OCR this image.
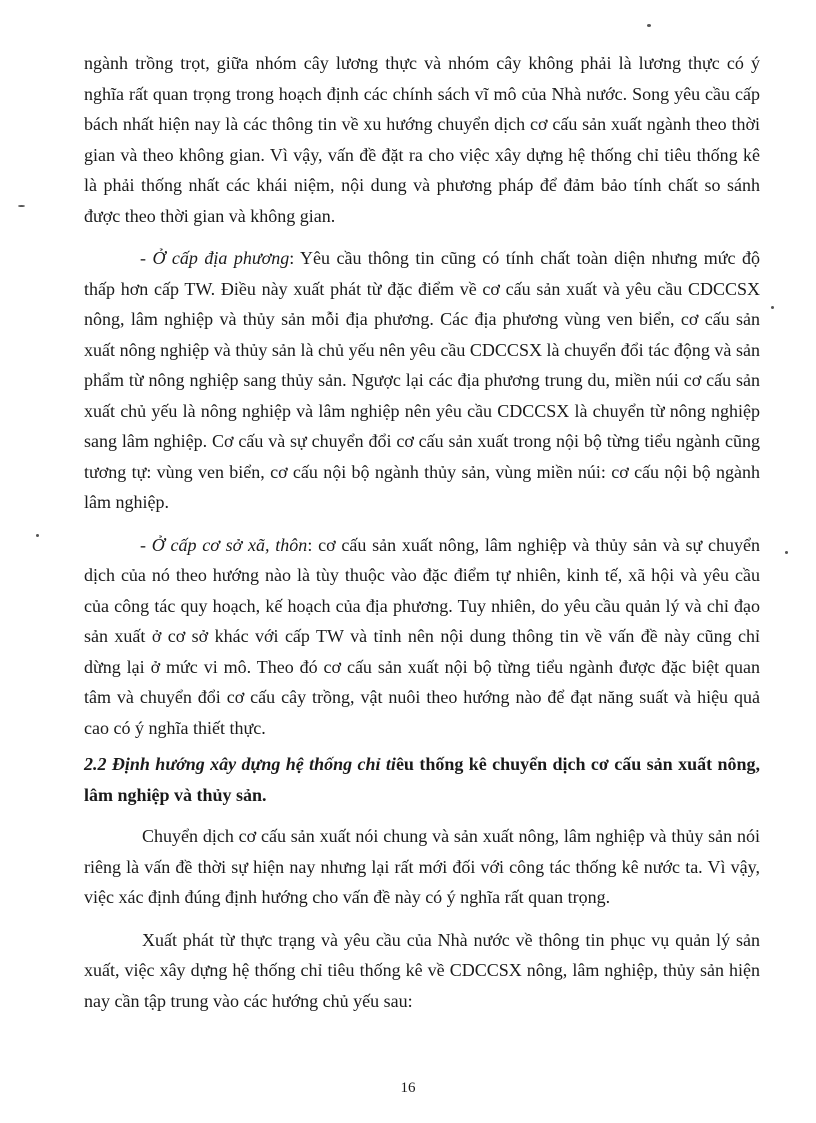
ngành trồng trọt, giữa nhóm cây lương thực và nhóm cây không phải là lương thực có ý nghĩa rất quan trọng trong hoạch định các chính sách vĩ mô của Nhà nước. Song yêu cầu cấp bách nhất hiện nay là các thông tin về xu hướng chuyển dịch cơ cấu sản xuất ngành theo thời gian và theo không gian. Vì vậy, vấn đề đặt ra cho việc xây dựng hệ thống chỉ tiêu thống kê là phải thống nhất các khái niệm, nội dung và phương pháp để đảm bảo tính chất so sánh được theo thời gian và không gian.

- Ở cấp địa phương: Yêu cầu thông tin cũng có tính chất toàn diện nhưng mức độ thấp hơn cấp TW. Điều này xuất phát từ đặc điểm về cơ cấu sản xuất và yêu cầu CDCCSX nông, lâm nghiệp và thủy sản mỗi địa phương. Các địa phương vùng ven biển, cơ cấu sản xuất nông nghiệp và thủy sản là chủ yếu nên yêu cầu CDCCSX là chuyển đổi tác động và sản phẩm từ nông nghiệp sang thủy sản. Ngược lại các địa phương trung du, miền núi cơ cấu sản xuất chủ yếu là nông nghiệp và lâm nghiệp nên yêu cầu CDCCSX là chuyển từ nông nghiệp sang lâm nghiệp. Cơ cấu và sự chuyển đổi cơ cấu sản xuất trong nội bộ từng tiểu ngành cũng tương tự: vùng ven biển, cơ cấu nội bộ ngành thủy sản, vùng miền núi: cơ cấu nội bộ ngành lâm nghiệp.

- Ở cấp cơ sở xã, thôn: cơ cấu sản xuất nông, lâm nghiệp và thủy sản và sự chuyển dịch của nó theo hướng nào là tùy thuộc vào đặc điểm tự nhiên, kinh tế, xã hội và yêu cầu của công tác quy hoạch, kế hoạch của địa phương. Tuy nhiên, do yêu cầu quản lý và chỉ đạo sản xuất ở cơ sở khác với cấp TW và tỉnh nên nội dung thông tin về vấn đề này cũng chỉ dừng lại ở mức vi mô. Theo đó cơ cấu sản xuất nội bộ từng tiểu ngành được đặc biệt quan tâm và chuyển đổi cơ cấu cây trồng, vật nuôi theo hướng nào để đạt năng suất và hiệu quả cao có ý nghĩa thiết thực.

2.2 Định hướng xây dựng hệ thống chỉ tiêu thống kê chuyển dịch cơ cấu sản xuất nông, lâm nghiệp và thủy sản.

Chuyển dịch cơ cấu sản xuất nói chung và sản xuất nông, lâm nghiệp và thủy sản nói riêng là vấn đề thời sự hiện nay nhưng lại rất mới đối với công tác thống kê nước ta. Vì vậy, việc xác định đúng định hướng cho vấn đề này có ý nghĩa rất quan trọng.

Xuất phát từ thực trạng và yêu cầu của Nhà nước về thông tin phục vụ quản lý sản xuất, việc xây dựng hệ thống chỉ tiêu thống kê về CDCCSX nông, lâm nghiệp, thủy sản hiện nay cần tập trung vào các hướng chủ yếu sau:

16
